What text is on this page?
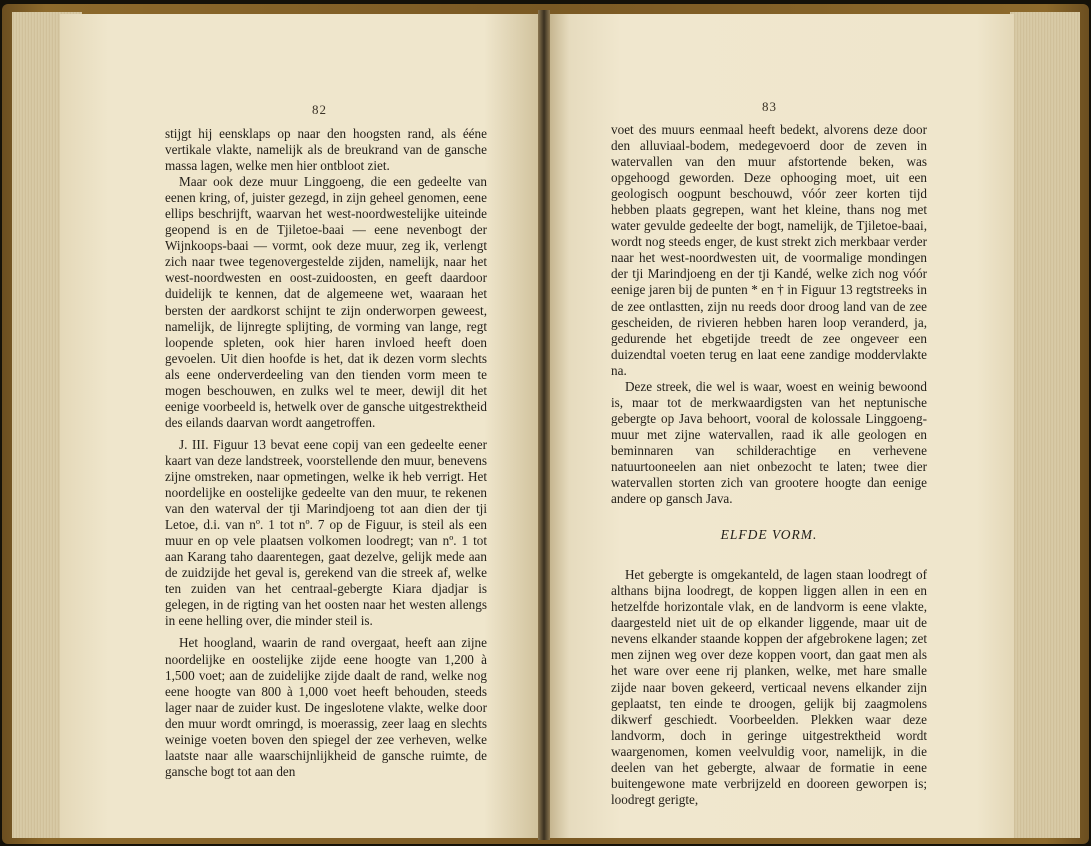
82	83

stijgt hij eensklaps op naar den hoogsten rand, als ééne vertikale vlakte, namelijk als de breukrand van de gansche massa lagen, welke men hier ontbloot ziet.

Maar ook deze muur Linggoeng, die een gedeelte van eenen kring, of, juister gezegd, in zijn geheel genomen, eene ellips beschrijft, waarvan het west-noordwestelijke uiteinde geopend is en de Tjiletoe-baai — eene nevenbogt der Wijnkoops-baai — vormt, ook deze muur, zeg ik, verlengt zich naar twee tegenovergestelde zijden, namelijk, naar het west-noordwesten en oost-zuidoosten, en geeft daardoor duidelijk te kennen, dat de algemeene wet, waaraan het bersten der aardkorst schijnt te zijn onderworpen geweest, namelijk, de lijnregte splijting, de vorming van lange, regt loopende spleten, ook hier haren invloed heeft doen gevoelen. Uit dien hoofde is het, dat ik dezen vorm slechts als eene onderverdeeling van den tienden vorm meen te mogen beschouwen, en zulks wel te meer, dewijl dit het eenige voorbeeld is, hetwelk over de gansche uitgestrektheid des eilands daarvan wordt aangetroffen.

J. III. Figuur 13 bevat eene copij van een gedeelte eener kaart van deze landstreek, voorstellende den muur, benevens zijne omstreken, naar opmetingen, welke ik heb verrigt. Het noordelijke en oostelijke gedeelte van den muur, te rekenen van den waterval der tji Marindjoeng tot aan dien der tji Letoe, d.i. van nº. 1 tot nº. 7 op de Figuur, is steil als een muur en op vele plaatsen volkomen loodregt; van nº. 1 tot aan Karang taho daarentegen, gaat dezelve, gelijk mede aan de zuidzijde het geval is, gerekend van die streek af, welke ten zuiden van het centraal-gebergte Kiara djadjar is gelegen, in de rigting van het oosten naar het westen allengs in eene helling over, die minder steil is.

Het hoogland, waarin de rand overgaat, heeft aan zijne noordelijke en oostelijke zijde eene hoogte van 1,200 à 1,500 voet; aan de zuidelijke zijde daalt de rand, welke nog eene hoogte van 800 à 1,000 voet heeft behouden, steeds lager naar de zuider kust. De ingeslotene vlakte, welke door den muur wordt omringd, is moerassig, zeer laag en slechts weinige voeten boven den spiegel der zee verheven, welke laatste naar alle waarschijnlijkheid de gansche ruimte, de gansche bogt tot aan den

voet des muurs eenmaal heeft bedekt, alvorens deze door den alluviaal-bodem, medegevoerd door de zeven in watervallen van den muur afstortende beken, was opgehoogd geworden. Deze ophooging moet, uit een geologisch oogpunt beschouwd, vóór zeer korten tijd hebben plaats gegrepen, want het kleine, thans nog met water gevulde gedeelte der bogt, namelijk, de Tjiletoe-baai, wordt nog steeds enger, de kust strekt zich merkbaar verder naar het west-noordwesten uit, de voormalige mondingen der tji Marindjoeng en der tji Kandé, welke zich nog vóór eenige jaren bij de punten * en † in Figuur 13 regtstreeks in de zee ontlastten, zijn nu reeds door droog land van de zee gescheiden, de rivieren hebben haren loop veranderd, ja, gedurende het ebgetijde treedt de zee ongeveer een duizendtal voeten terug en laat eene zandige moddervlakte na.

Deze streek, die wel is waar, woest en weinig bewoond is, maar tot de merkwaardigsten van het neptunische gebergte op Java behoort, vooral de kolossale Linggoeng-muur met zijne watervallen, raad ik alle geologen en beminnaren van schilderachtige en verhevene natuurtooneelen aan niet onbezocht te laten; twee dier watervallen storten zich van grootere hoogte dan eenige andere op gansch Java.

ELFDE VORM.

Het gebergte is omgekanteld, de lagen staan loodregt of althans bijna loodregt, de koppen liggen allen in een en hetzelfde horizontale vlak, en de landvorm is eene vlakte, daargesteld niet uit de op elkander liggende, maar uit de nevens elkander staande koppen der afgebrokene lagen; zet men zijnen weg over deze koppen voort, dan gaat men als het ware over eene rij planken, welke, met hare smalle zijde naar boven gekeerd, verticaal nevens elkander zijn geplaatst, ten einde te droogen, gelijk bij zaagmolens dikwerf geschiedt. Voorbeelden. Plekken waar deze landvorm, doch in geringe uitgestrektheid wordt waargenomen, komen veelvuldig voor, namelijk, in die deelen van het gebergte, alwaar de formatie in eene buitengewone mate verbrijzeld en dooreen geworpen is; loodregt gerigte,
